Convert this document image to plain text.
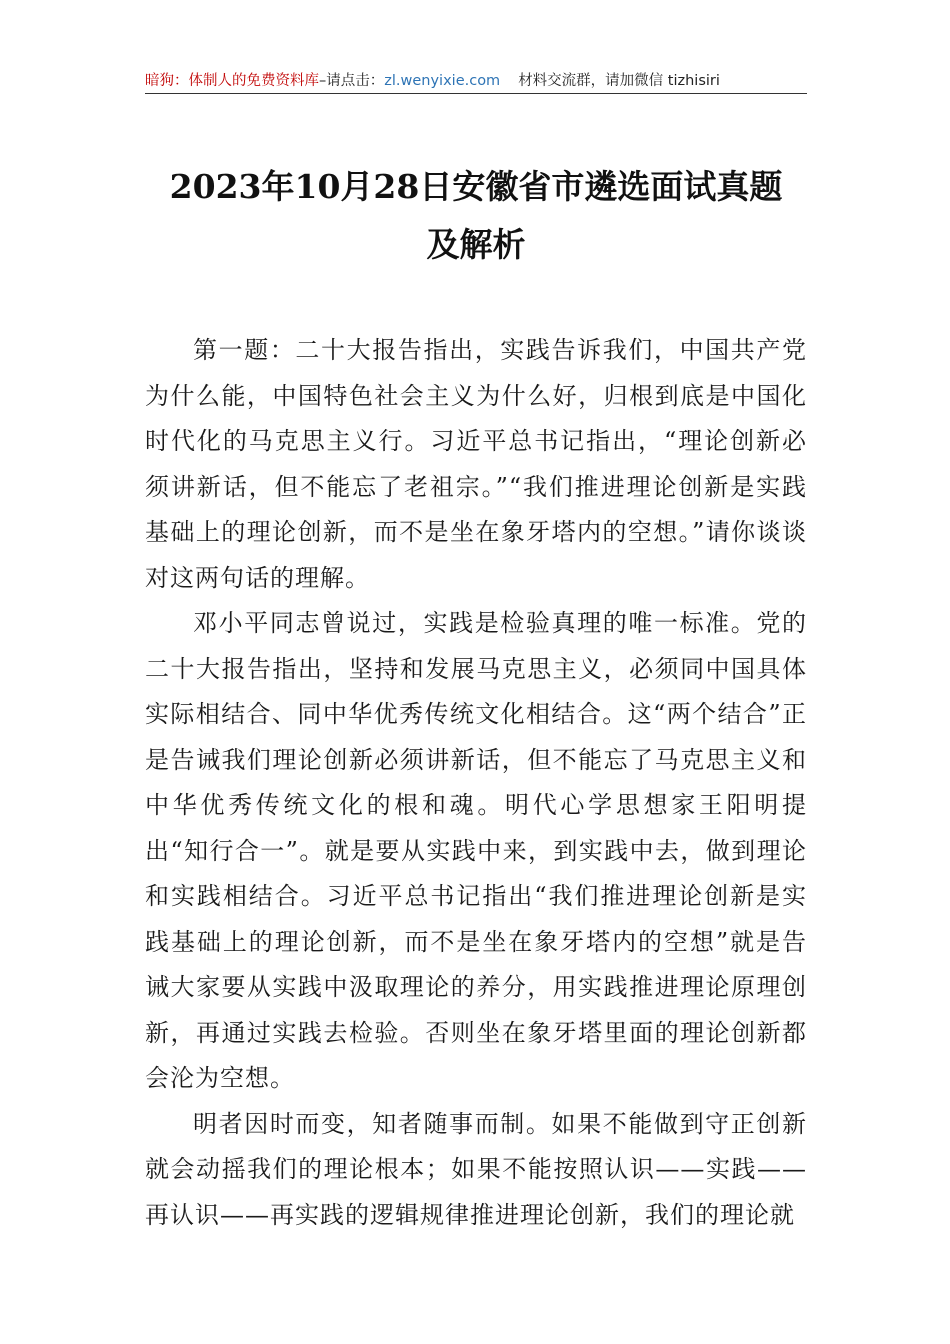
暗狗：体制人的免费资料库–请点击：zl.wenyixie.com 材料交流群，请加微信 tizhisiri
2023年10月28日安徽省市遴选面试真题
及解析

第一题：二十大报告指出，实践告诉我们，中国共产党为什么能，中国特色社会主义为什么好，归根到底是中国化时代化的马克思主义行。习近平总书记指出，“理论创新必须讲新话，但不能忘了老祖宗。”“我们推进理论创新是实践基础上的理论创新，而不是坐在象牙塔内的空想。”请你谈谈对这两句话的理解。

邓小平同志曾说过，实践是检验真理的唯一标准。党的二十大报告指出，坚持和发展马克思主义，必须同中国具体实际相结合、同中华优秀传统文化相结合。这“两个结合”正是告诫我们理论创新必须讲新话，但不能忘了马克思主义和中华优秀传统文化的根和魂。明代心学思想家王阳明提出“知行合一”。就是要从实践中来，到实践中去，做到理论和实践相结合。习近平总书记指出“我们推进理论创新是实践基础上的理论创新，而不是坐在象牙塔内的空想”就是告诫大家要从实践中汲取理论的养分，用实践推进理论原理创新，再通过实践去检验。否则坐在象牙塔里面的理论创新都会沦为空想。

明者因时而变，知者随事而制。如果不能做到守正创新就会动摇我们的理论根本；如果不能按照认识——实践——再认识——再实践的逻辑规律推进理论创新，我们的理论就
